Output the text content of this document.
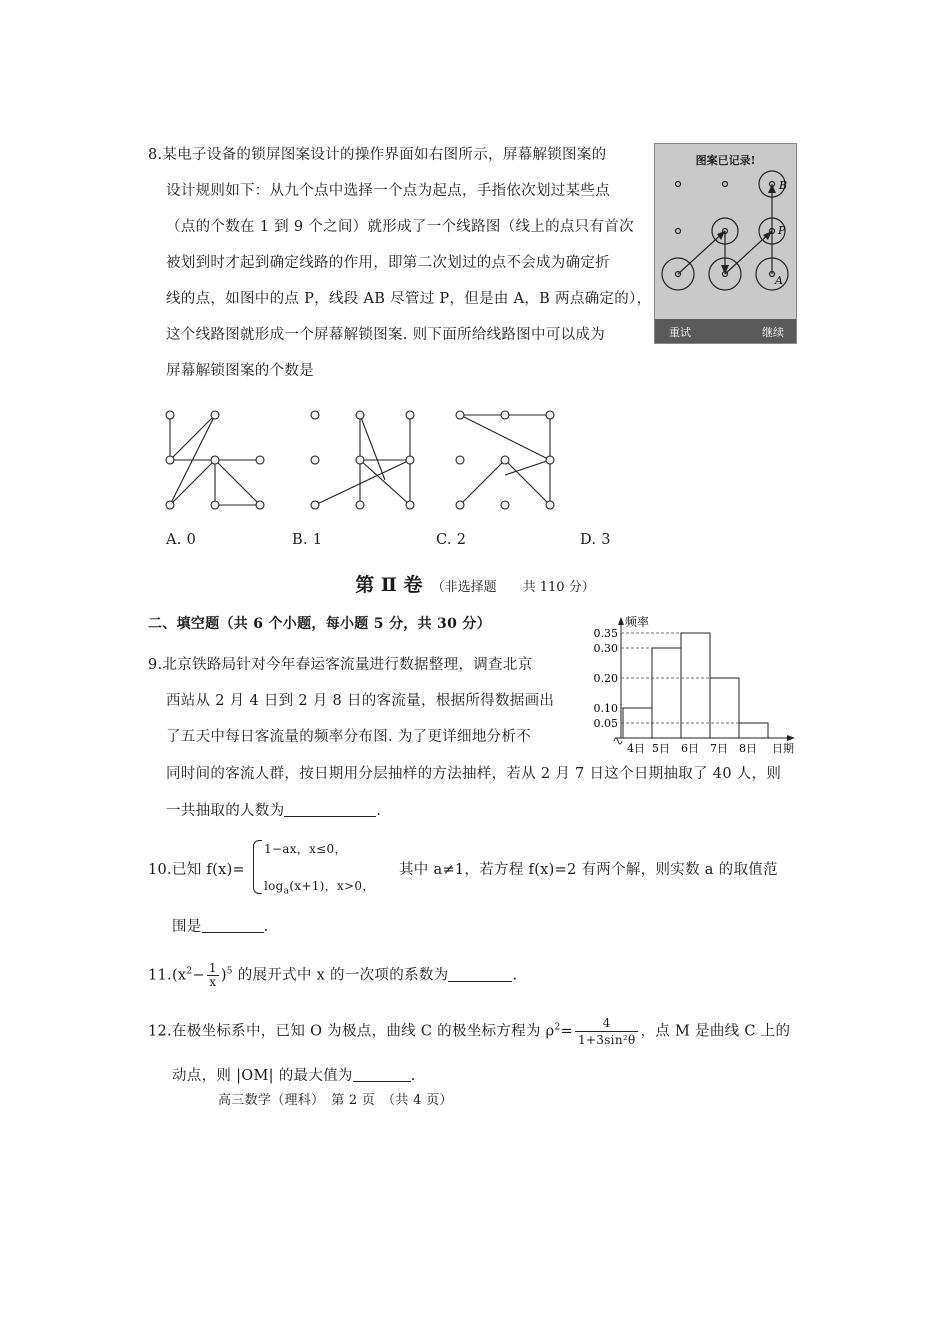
8.某电子设备的锁屏图案设计的操作界面如右图所示，屏幕解锁图案的
设计规则如下：从九个点中选择一个点为起点，手指依次划过某些点
（点的个数在 1 到 9 个之间）就形成了一个线路图（线上的点只有首次
被划到时才起到确定线路的作用，即第二次划过的点不会成为确定折
线的点，如图中的点 P，线段 AB 尽管过 P，但是由 A，B 两点确定的），
这个线路图就形成一个屏幕解锁图案. 则下面所给线路图中可以成为
屏幕解锁图案的个数是
图案已记录!
B
P
A
重试	继续
A. 0	B. 1	C. 2	D. 3
第 Ⅱ 卷 （非选择题　　共 110 分）
二、填空题（共 6 个小题，每小题 5 分，共 30 分）
9.北京铁路局针对今年春运客流量进行数据整理，调查北京
西站从 2 月 4 日到 2 月 8 日的客流量，根据所得数据画出
了五天中每日客流量的频率分布图. 为了更详细地分析不
同时间的客流人群，按日期用分层抽样的方法抽样，若从 2 月 7 日这个日期抽取了 40 人，则
一共抽取的人数为	.
频率
0.35
0.30
0.20
0.10
0.05
4日 5日 6日 7日 8日 日期
10.已知 f(x)=
1−ax，x≤0，
$\log_a(x+1)$，x>0，
其中 a≠1，若方程 f(x)=2 有两个解，则实数 a 的取值范
围是	.
$11.(x^2- \frac{1}{x} )^5$ 的展开式中 x 的一次项的系数为	.
12.在极坐标系中，已知 O 为极点，曲线 C 的极坐标方程为 $\rho^2= \frac{4}{\text{1+3sin²θ}}$ ，点 M 是曲线 C 上的
动点，则 |OM| 的最大值为	.
高三数学（理科）　第 2 页　（共 4 页）
